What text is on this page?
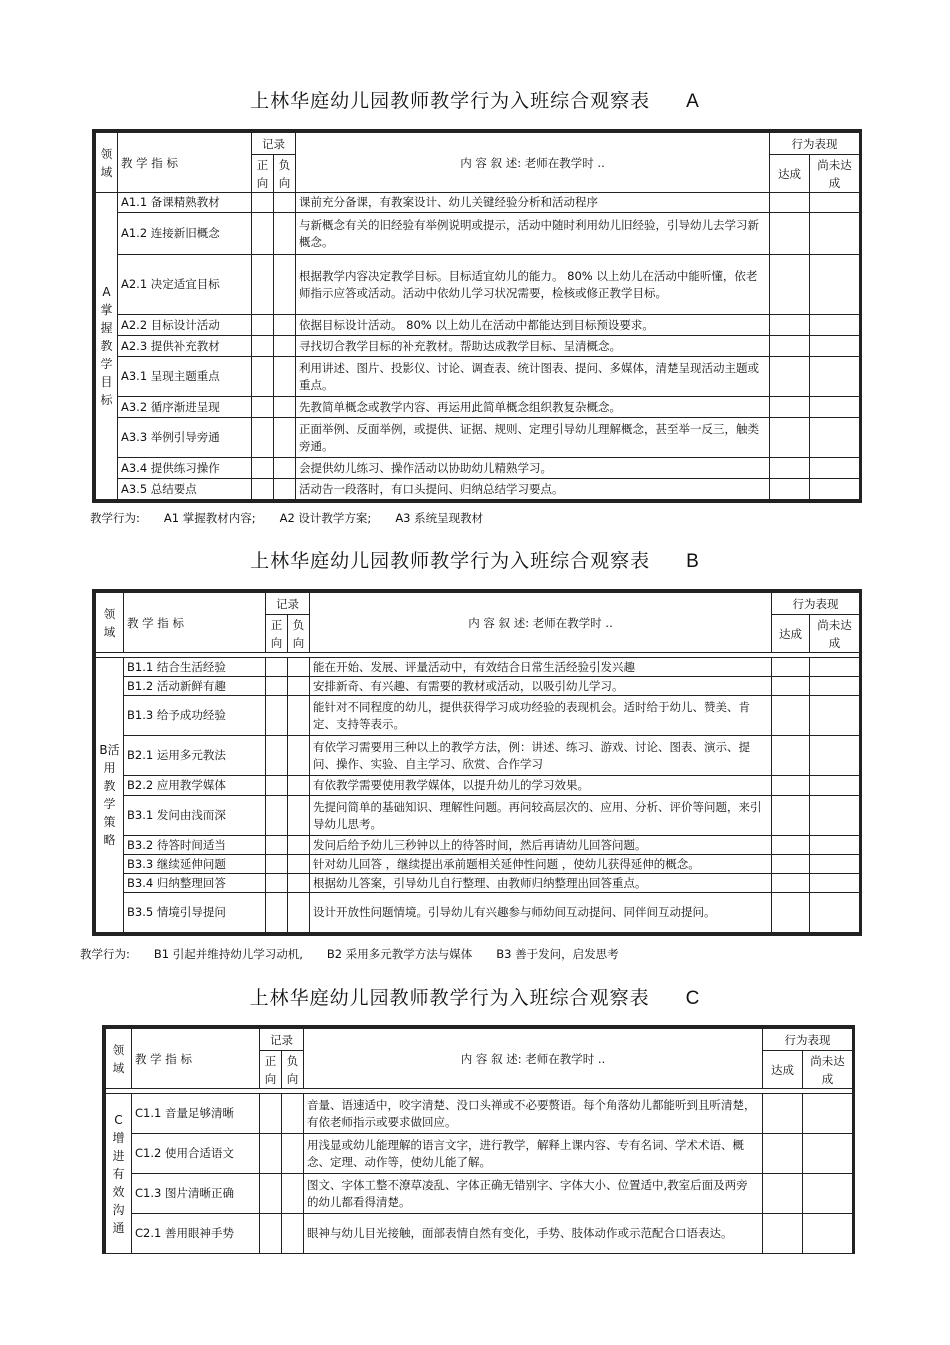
上林华庭幼儿园教师教学行为入班综合观察表 A
领域	教 学 指 标	记录		内 容 叙 述: 老师在教学时 ..	行为表现	
		正向	负向		达成	尚未达成
A掌握教学目标	A1.1 备课精熟教材			课前充分备课，有教案设计、幼儿关键经验分析和活动程序		
	A1.2 连接新旧概念			与新概念有关的旧经验有举例说明或提示，活动中随时利用幼儿旧经验，引导幼儿去学习新概念。		
	A2.1 决定适宜目标			根据教学内容决定教学目标。目标适宜幼儿的能力。 80% 以上幼儿在活动中能听懂，依老师指示应答或活动。活动中依幼儿学习状况需要，检核或修正教学目标。		
	A2.2 目标设计活动			依据目标设计活动。 80% 以上幼儿在活动中都能达到目标预设要求。		
	A2.3 提供补充教材			寻找切合教学目标的补充教材。帮助达成教学目标、呈清概念。		
	A3.1 呈现主题重点			利用讲述、图片、投影仪、讨论、调查表、统计图表、提问、多媒体，清楚呈现活动主题或重点。		
	A3.2 循序渐进呈现			先教简单概念或教学内容、再运用此简单概念组织教复杂概念。		
	A3.3 举例引导旁通			正面举例、反面举例，或提供、证据、规则、定理引导幼儿理解概念，甚至举一反三，触类旁通。		
	A3.4 提供练习操作			会提供幼儿练习、操作活动以协助幼儿精熟学习。		
	A3.5 总结要点			活动告一段落时，有口头提问、归纳总结学习要点。		
教学行为: A1 掌握教材内容; A2 设计教学方案; A3 系统呈现教材
上林华庭幼儿园教师教学行为入班综合观察表 B
领域	教 学 指 标	记录		内 容 叙 述: 老师在教学时 ..	行为表现	
		正向	负向		达成	尚未达成

B活用教学策略	B1.1 结合生活经验			能在开始、发展、评量活动中，有效结合日常生活经验引发兴趣		
	B1.2 活动新鲜有趣			安排新奇、有兴趣、有需要的教材或活动，以吸引幼儿学习。		
	B1.3 给予成功经验			能针对不同程度的幼儿，提供获得学习成功经验的表现机会。适时给于幼儿、赞美、肯定、支持等表示。		
	B2.1 运用多元教法			有依学习需要用三种以上的教学方法，例：讲述、练习、游戏、讨论、图表、演示、提问、操作、实验、自主学习、欣赏、合作学习		
	B2.2 应用教学媒体			有依教学需要使用教学媒体，以提升幼儿的学习效果。		
	B3.1 发问由浅而深			先提问简单的基础知识、理解性问题。再问较高层次的、应用、分析、评价等问题，来引导幼儿思考。		
	B3.2 待答时间适当			发问后给予幼儿三秒钟以上的待答时间，然后再请幼儿回答问题。		
	B3.3 继续延伸问题			针对幼儿回答 ，继续提出承前题相关延伸性问题 ，使幼儿获得延伸的概念。		
	B3.4 归纳整理回答			根据幼儿答案，引导幼儿自行整理、由教师归纳整理出回答重点。		
	B3.5 情境引导提问			设计开放性问题情境。引导幼儿有兴趣参与师幼间互动提问、同伴间互动提问。		
教学行为: B1 引起并维持幼儿学习动机, B2 采用多元教学方法与媒体 B3 善于发问，启发思考
上林华庭幼儿园教师教学行为入班综合观察表 C
领域	教 学 指 标	记录		内 容 叙 述: 老师在教学时 ..	行为表现	
		正向	负向		达成	尚未达成

C增进有效沟通	C1.1 音量足够清晰			音量、语速适中，咬字清楚、没口头禅或不必要赘语。每个角落幼儿都能听到且听清楚，有依老师指示或要求做回应。		
	C1.2 使用合适语文			用浅显或幼儿能理解的语言文字，进行教学，解释上课内容、专有名词、学术术语、概念、定理、动作等，使幼儿能了解。		
	C1.3 图片清晰正确			图文、字体工整不潦草凌乱、字体正确无错别字、字体大小、位置适中,教室后面及两旁的幼儿都看得清楚。		
	C2.1 善用眼神手势			眼神与幼儿目光接触，面部表情自然有变化，手势、肢体动作或示范配合口语表达。		
